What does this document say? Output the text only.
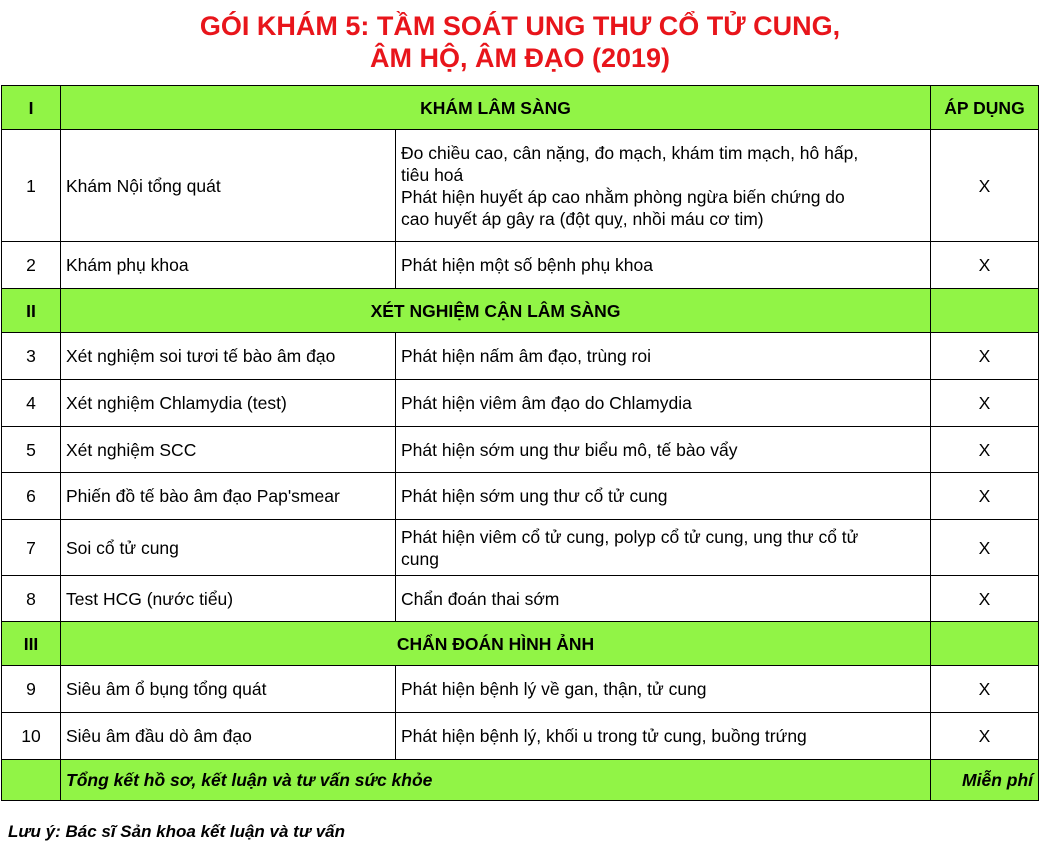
GÓI KHÁM 5: TẦM SOÁT UNG THƯ CỔ TỬ CUNG,
ÂM HỘ, ÂM ĐẠO (2019)
I	KHÁM LÂM SÀNG		ÁP DỤNG
1	Khám Nội tổng quát	Đo chiều cao, cân nặng, đo mạch, khám tim mạch, hô hấp,
tiêu hoá
Phát hiện huyết áp cao nhằm phòng ngừa biến chứng do
cao huyết áp gây ra (đột quỵ, nhồi máu cơ tim)	X
2	Khám phụ khoa	Phát hiện một số bệnh phụ khoa	X
II	XÉT NGHIỆM CẬN LÂM SÀNG		
3	Xét nghiệm soi tươi tế bào âm đạo	Phát hiện nấm âm đạo, trùng roi	X
4	Xét nghiệm Chlamydia (test)	Phát hiện viêm âm đạo do Chlamydia	X
5	Xét nghiệm SCC	Phát hiện sớm ung thư biểu mô, tế bào vẩy	X
6	Phiến đồ tế bào âm đạo Pap'smear	Phát hiện sớm ung thư cổ tử cung	X
7	Soi cổ tử cung	Phát hiện viêm cổ tử cung, polyp cổ tử cung, ung thư cổ tử
cung	X
8	Test HCG (nước tiểu)	Chẩn đoán thai sớm	X
III	CHẨN ĐOÁN HÌNH ẢNH		
9	Siêu âm ổ bụng tổng quát	Phát hiện bệnh lý về gan, thận, tử cung	X
10	Siêu âm đầu dò âm đạo	Phát hiện bệnh lý, khối u trong tử cung, buồng trứng	X
	Tổng kết hồ sơ, kết luận và tư vấn sức khỏe		Miễn phí
Lưu ý: Bác sĩ Sản khoa kết luận và tư vấn
